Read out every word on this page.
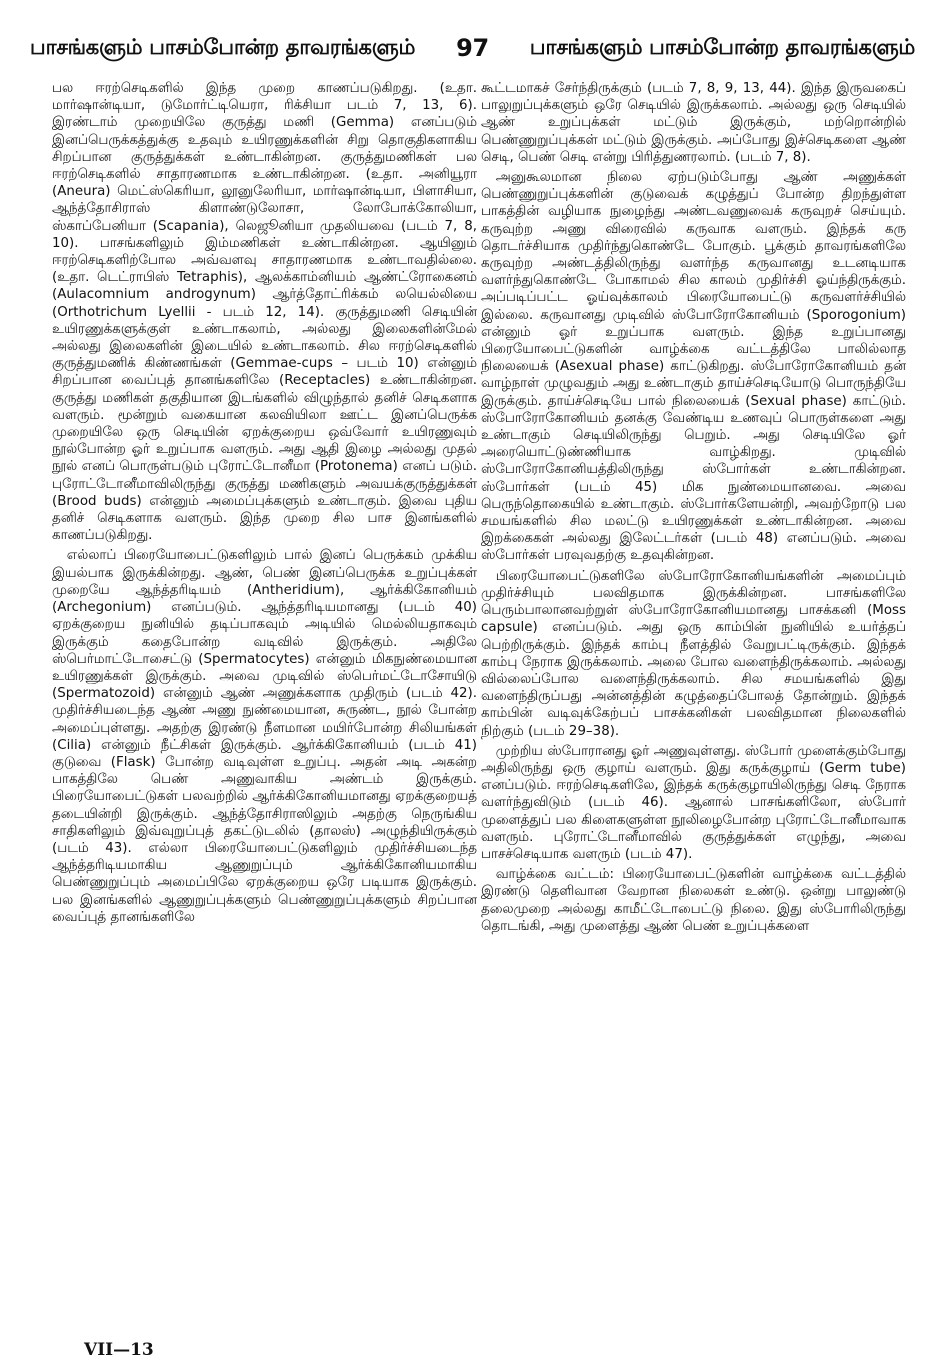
பாசங்களும் பாசம்போன்ற தாவரங்களும் 97 பாசங்களும் பாசம்போன்ற தாவரங்களும்

பல ஈரற்செடிகளில் இந்த முறை காணப்படுகிறது. (உதா. மார்ஷான்டியா, டுமோர்ட்டியெரா, ரிக்சியா படம் 7, 13, 6). இரண்டாம் முறையிலே குருத்து மணி (Gemma) எனப்படும் இனப்பெருக்கத்துக்கு உதவும் உயிரணுக்களின் சிறு தொகுதிகளாகிய சிறப்பான குருத்துக்கள் உண்டாகின்றன. குருத்துமணிகள் பல ஈரற்செடிகளில் சாதாரணமாக உண்டாகின்றன. (உதா. அனியூரா (Aneura) மெட்ஸ்கெரியா, லூனுலேரியா, மார்ஷான்டியா, பிளாசியா, ஆந்த்தோசிராஸ் கிளாண்டுலோசா, லோபோக்கோலியா, ஸ்காப்பேனியா (Scapania), லெஜூனியா முதலியவை (படம் 7, 8, 10). பாசங்களிலும் இம்மணிகள் உண்டாகின்றன. ஆயினும் ஈரற்செடிகளிற்போல அவ்வளவு சாதாரணமாக உண்டாவதில்லை. (உதா. டெட்ராபிஸ் Tetraphis), ஆலக்காம்னியம் ஆண்ட்ரோகைனம் (Aulacomnium androgynum) ஆர்த்தோட்ரிக்கம் லயெல்லியை (Orthotrichum Lyellii - படம் 12, 14). குருத்துமணி செடியின் உயிரணுக்களுக்குள் உண்டாகலாம், அல்லது இலைகளின்மேல் அல்லது இலைகளின் இடையில் உண்டாகலாம். சில ஈரற்செடிகளில் குருத்துமணிக் கிண்ணங்கள் (Gemmae-cups – படம் 10) என்னும் சிறப்பான வைப்புத் தானங்களிலே (Receptacles) உண்டாகின்றன. குருத்து மணிகள் தகுதியான இடங்களில் விழுந்தால் தனிச் செடிகளாக வளரும். மூன்றும் வகையான கலவியிலா ஊட்ட இனப்பெருக்க முறையிலே ஒரு செடியின் ஏறக்குறைய ஒவ்வோர் உயிரணுவும் நூல்போன்ற ஓர் உறுப்பாக வளரும். அது ஆதி இழை அல்லது முதல் நூல் எனப் பொருள்படும் புரோட்டோனீமா (Protonema) எனப் படும். புரோட்டோனீமாவிலிருந்து குருத்து மணிகளும் அவயக்குருத்துக்கள் (Brood buds) என்னும் அமைப்புக்களும் உண்டாகும். இவை புதிய தனிச் செடிகளாக வளரும். இந்த முறை சில பாச இனங்களில் காணப்படுகிறது.

எல்லாப் பிரையோபைட்டுகளிலும் பால் இனப் பெருக்கம் முக்கிய இயல்பாக இருக்கின்றது. ஆண், பெண் இனப்பெருக்க உறுப்புக்கள் முறையே ஆந்த்தரிடியம் (Antheridium), ஆர்க்கிகோனியம் (Archegonium) எனப்படும். ஆந்த்தரிடியமானது (படம் 40) ஏறக்குறைய நுனியில் தடிப்பாகவும் அடியில் மெல்லியதாகவும் இருக்கும் கதைபோன்ற வடிவில் இருக்கும். அதிலே ஸ்பெர்மாட்டோசைட்டு (Spermatocytes) என்னும் மிகநுண்மையான உயிரணுக்கள் இருக்கும். அவை முடிவில் ஸ்பெர்மட்டோசோயிடு (Spermatozoid) என்னும் ஆண் அணுக்களாக முதிரும் (படம் 42). முதிர்ச்சியடைந்த ஆண் அணு நுண்மையான, சுருண்ட, நூல் போன்ற அமைப்புள்ளது. அதற்கு இரண்டு நீளமான மயிர்போன்ற சிலியங்கள் (Cilia) என்னும் நீட்சிகள் இருக்கும். ஆர்க்கிகோனியம் (படம் 41) குடுவை (Flask) போன்ற வடிவுள்ள உறுப்பு. அதன் அடி அகன்ற பாகத்திலே பெண் அணுவாகிய அண்டம் இருக்கும். பிரையோபைட்டுகள் பலவற்றில் ஆர்க்கிகோனியமானது ஏறக்குறையத் தடையின்றி இருக்கும். ஆந்த்தோசிராஸிலும் அதற்கு நெருங்கிய சாதிகளிலும் இவ்வுறுப்புத் தகட்டுடலில் (தாலஸ்) அழுந்தியிருக்கும் (படம் 43). எல்லா பிரையோபைட்டுகளிலும் முதிர்ச்சியடைந்த ஆந்த்தரிடியமாகிய ஆணுறுப்பும் ஆர்க்கிகோனியமாகிய பெண்ணுறுப்பும் அமைப்பிலே ஏறக்குறைய ஒரே படியாக இருக்கும். பல இனங்களில் ஆணுறுப்புக்களும் பெண்ணுறுப்புக்களும் சிறப்பான வைப்புத் தானங்களிலே

கூட்டமாகச் சேர்ந்திருக்கும் (படம் 7, 8, 9, 13, 44). இந்த இருவகைப் பாலுறுப்புக்களும் ஒரே செடியில் இருக்கலாம். அல்லது ஒரு செடியில் ஆண் உறுப்புக்கள் மட்டும் இருக்கும், மற்றொன்றில் பெண்ணுறுப்புக்கள் மட்டும் இருக்கும். அப்போது இச்செடிகளை ஆண் செடி, பெண் செடி என்று பிரித்துணரலாம். (படம் 7, 8).

அனுகூலமான நிலை ஏற்படும்போது ஆண் அணுக்கள் பெண்ணுறுப்புக்களின் குடுவைக் கழுத்துப் போன்ற திறந்துள்ள பாகத்தின் வழியாக நுழைந்து அண்டவணுவைக் கருவுறச் செய்யும். கருவுற்ற அணு விரைவில் கருவாக வளரும். இந்தக் கரு தொடர்ச்சியாக முதிர்ந்துகொண்டே போகும். பூக்கும் தாவரங்களிலே கருவுற்ற அண்டத்திலிருந்து வளர்ந்த கருவானது உடனடியாக வளர்ந்துகொண்டே போகாமல் சில காலம் முதிர்ச்சி ஓய்ந்திருக்கும். அப்படிப்பட்ட ஓய்வுக்காலம் பிரையோபைட்டு கருவளர்ச்சியில் இல்லை. கருவானது முடிவில் ஸ்போரோகோனியம் (Sporogonium) என்னும் ஓர் உறுப்பாக வளரும். இந்த உறுப்பானது பிரையோபைட்டுகளின் வாழ்க்கை வட்டத்திலே பாலில்லாத நிலையைக் (Asexual phase) காட்டுகிறது. ஸ்போரோகோனியம் தன் வாழ்நாள் முழுவதும் அது உண்டாகும் தாய்ச்செடியோடு பொருந்தியே இருக்கும். தாய்ச்செடியே பால் நிலையைக் (Sexual phase) காட்டும். ஸ்போரோகோனியம் தனக்கு வேண்டிய உணவுப் பொருள்களை அது உண்டாகும் செடியிலிருந்து பெறும். அது செடியிலே ஓர் அரையொட்டுண்ணியாக வாழ்கிறது. முடிவில் ஸ்போரோகோனியத்திலிருந்து ஸ்போர்கள் உண்டாகின்றன. ஸ்போர்கள் (படம் 45) மிக நுண்மையானவை. அவை பெருந்தொகையில் உண்டாகும். ஸ்போர்களேயன்றி, அவற்றோடு பல சமயங்களில் சில மலட்டு உயிரணுக்கள் உண்டாகின்றன. அவை இறக்கைகள் அல்லது இலேட்டர்கள் (படம் 48) எனப்படும். அவை ஸ்போர்கள் பரவுவதற்கு உதவுகின்றன.

பிரையோபைட்டுகளிலே ஸ்போரோகோனியங்களின் அமைப்பும் முதிர்ச்சியும் பலவிதமாக இருக்கின்றன. பாசங்களிலே பெரும்பாலானவற்றுள் ஸ்போரோகோனியமானது பாசக்கனி (Moss capsule) எனப்படும். அது ஒரு காம்பின் நுனியில் உயர்த்தப் பெற்றிருக்கும். இந்தக் காம்பு நீளத்தில் வேறுபட்டிருக்கும். இந்தக் காம்பு நேராக இருக்கலாம். அலை போல வளைந்திருக்கலாம். அல்லது வில்லைப்போல வளைந்திருக்கலாம். சில சமயங்களில் இது வளைந்திருப்பது அன்னத்தின் கழுத்தைப்போலத் தோன்றும். இந்தக் காம்பின் வடிவுக்கேற்பப் பாசக்கனிகள் பலவிதமான நிலைகளில் நிற்கும் (படம் 29–38).

முற்றிய ஸ்போரானது ஓர் அணுவுள்ளது. ஸ்போர் முளைக்கும்போது அதிலிருந்து ஒரு குழாய் வளரும். இது கருக்குழாய் (Germ tube) எனப்படும். ஈரற்செடிகளிலே, இந்தக் கருக்குழாயிலிருந்து செடி நேராக வளர்ந்துவிடும் (படம் 46). ஆனால் பாசங்களிலோ, ஸ்போர் முளைத்துப் பல கிளைகளுள்ள நூலிழைபோன்ற புரோட்டோனீமாவாக வளரும். புரோட்டோனீமாவில் குருத்துக்கள் எழுந்து, அவை பாசச்செடியாக வளரும் (படம் 47).

வாழ்க்கை வட்டம்: பிரையோபைட்டுகளின் வாழ்க்கை வட்டத்தில் இரண்டு தெளிவான வேறான நிலைகள் உண்டு. ஒன்று பாலுண்டு தலைமுறை அல்லது காமீட்டோபைட்டு நிலை. இது ஸ்போரிலிருந்து தொடங்கி, அது முளைத்து ஆண் பெண் உறுப்புக்களை

VII—13
